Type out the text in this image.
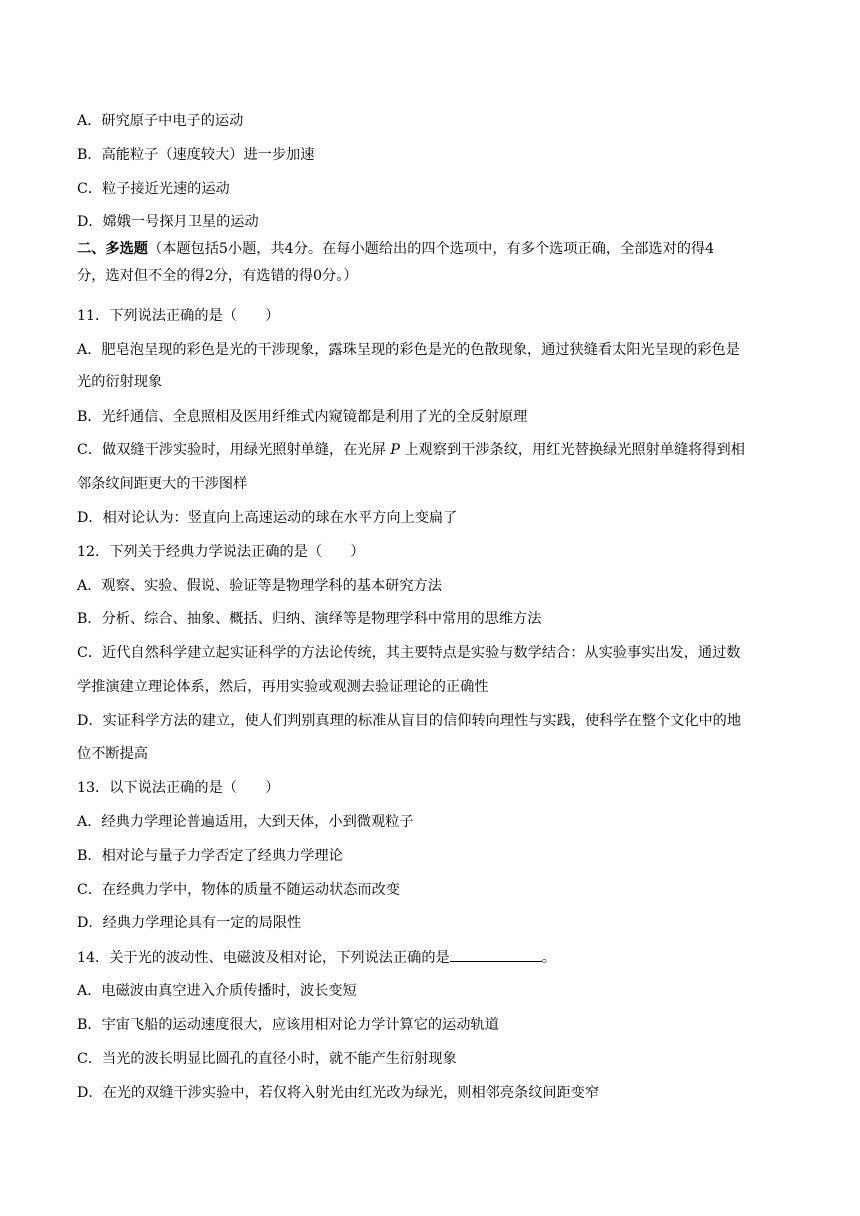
A．研究原子中电子的运动
B．高能粒子（速度较大）进一步加速
C．粒子接近光速的运动
D．嫦娥一号探月卫星的运动
二、多选题（本题包括5小题，共4分。在每小题给出的四个选项中，有多个选项正确，全部选对的得4
分，选对但不全的得2分，有选错的得0分。）
11．下列说法正确的是（　　）
A．肥皂泡呈现的彩色是光的干涉现象，露珠呈现的彩色是光的色散现象，通过狭缝看太阳光呈现的彩色是
光的衍射现象
B．光纤通信、全息照相及医用纤维式内窥镜都是利用了光的全反射原理
C．做双缝干涉实验时，用绿光照射单缝，在光屏 P 上观察到干涉条纹，用红光替换绿光照射单缝将得到相
邻条纹间距更大的干涉图样
D．相对论认为：竖直向上高速运动的球在水平方向上变扁了
12．下列关于经典力学说法正确的是（　　）
A．观察、实验、假说、验证等是物理学科的基本研究方法
B．分析、综合、抽象、概括、归纳、演绎等是物理学科中常用的思维方法
C．近代自然科学建立起实证科学的方法论传统，其主要特点是实验与数学结合：从实验事实出发，通过数
学推演建立理论体系，然后，再用实验或观测去验证理论的正确性
D．实证科学方法的建立，使人们判别真理的标准从盲目的信仰转向理性与实践，使科学在整个文化中的地
位不断提高
13．以下说法正确的是（　　）
A．经典力学理论普遍适用，大到天体，小到微观粒子
B．相对论与量子力学否定了经典力学理论
C．在经典力学中，物体的质量不随运动状态而改变
D．经典力学理论具有一定的局限性
14．关于光的波动性、电磁波及相对论，下列说法正确的是	。
A．电磁波由真空进入介质传播时，波长变短
B．宇宙飞船的运动速度很大，应该用相对论力学计算它的运动轨道
C．当光的波长明显比圆孔的直径小时，就不能产生衍射现象
D．在光的双缝干涉实验中，若仅将入射光由红光改为绿光，则相邻亮条纹间距变窄
